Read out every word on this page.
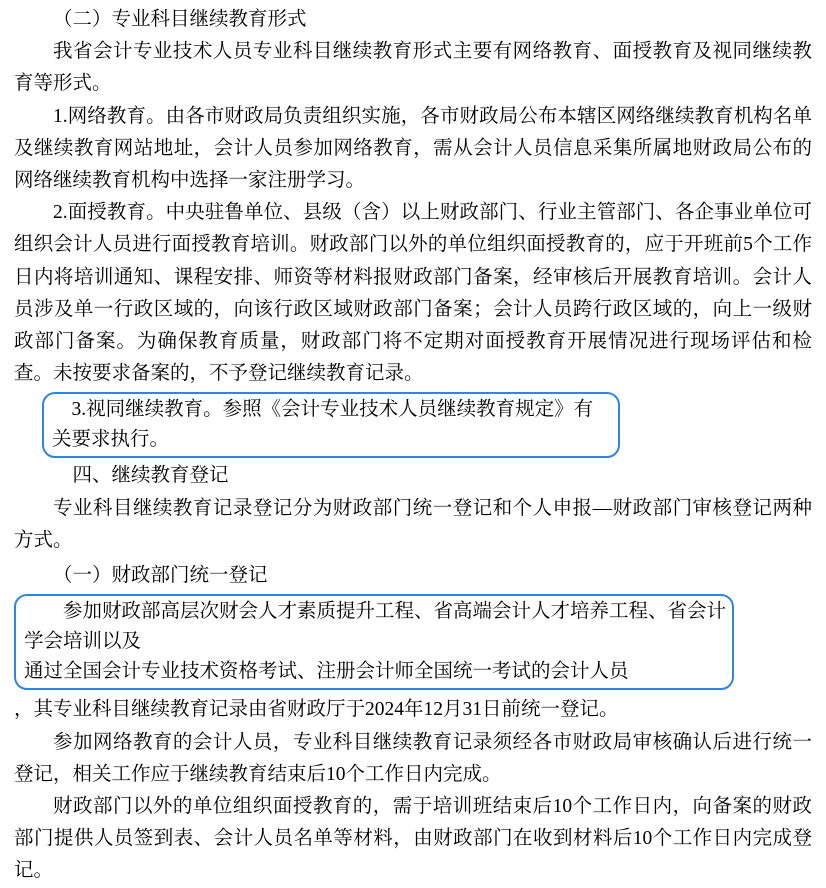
（二）专业科目继续教育形式

我省会计专业技术人员专业科目继续教育形式主要有网络教育、面授教育及视同继续教育等形式。

1.网络教育。由各市财政局负责组织实施，各市财政局公布本辖区网络继续教育机构名单及继续教育网站地址，会计人员参加网络教育，需从会计人员信息采集所属地财政局公布的网络继续教育机构中选择一家注册学习。

2.面授教育。中央驻鲁单位、县级（含）以上财政部门、行业主管部门、各企事业单位可组织会计人员进行面授教育培训。财政部门以外的单位组织面授教育的，应于开班前5个工作日内将培训通知、课程安排、师资等材料报财政部门备案，经审核后开展教育培训。会计人员涉及单一行政区域的，向该行政区域财政部门备案；会计人员跨行政区域的，向上一级财政部门备案。为确保教育质量，财政部门将不定期对面授教育开展情况进行现场评估和检查。未按要求备案的，不予登记继续教育记录。

3.视同继续教育。参照《会计专业技术人员继续教育规定》有关要求执行。

四、继续教育登记

专业科目继续教育记录登记分为财政部门统一登记和个人申报—财政部门审核登记两种方式。

（一）财政部门统一登记

参加财政部高层次财会人才素质提升工程、省高端会计人才培养工程、省会计学会培训以及

通过全国会计专业技术资格考试、注册会计师全国统一考试的会计人员

，其专业科目继续教育记录由省财政厅于2024年12月31日前统一登记。

参加网络教育的会计人员，专业科目继续教育记录须经各市财政局审核确认后进行统一登记，相关工作应于继续教育结束后10个工作日内完成。

财政部门以外的单位组织面授教育的，需于培训班结束后10个工作日内，向备案的财政部门提供人员签到表、会计人员名单等材料，由财政部门在收到材料后10个工作日内完成登记。
